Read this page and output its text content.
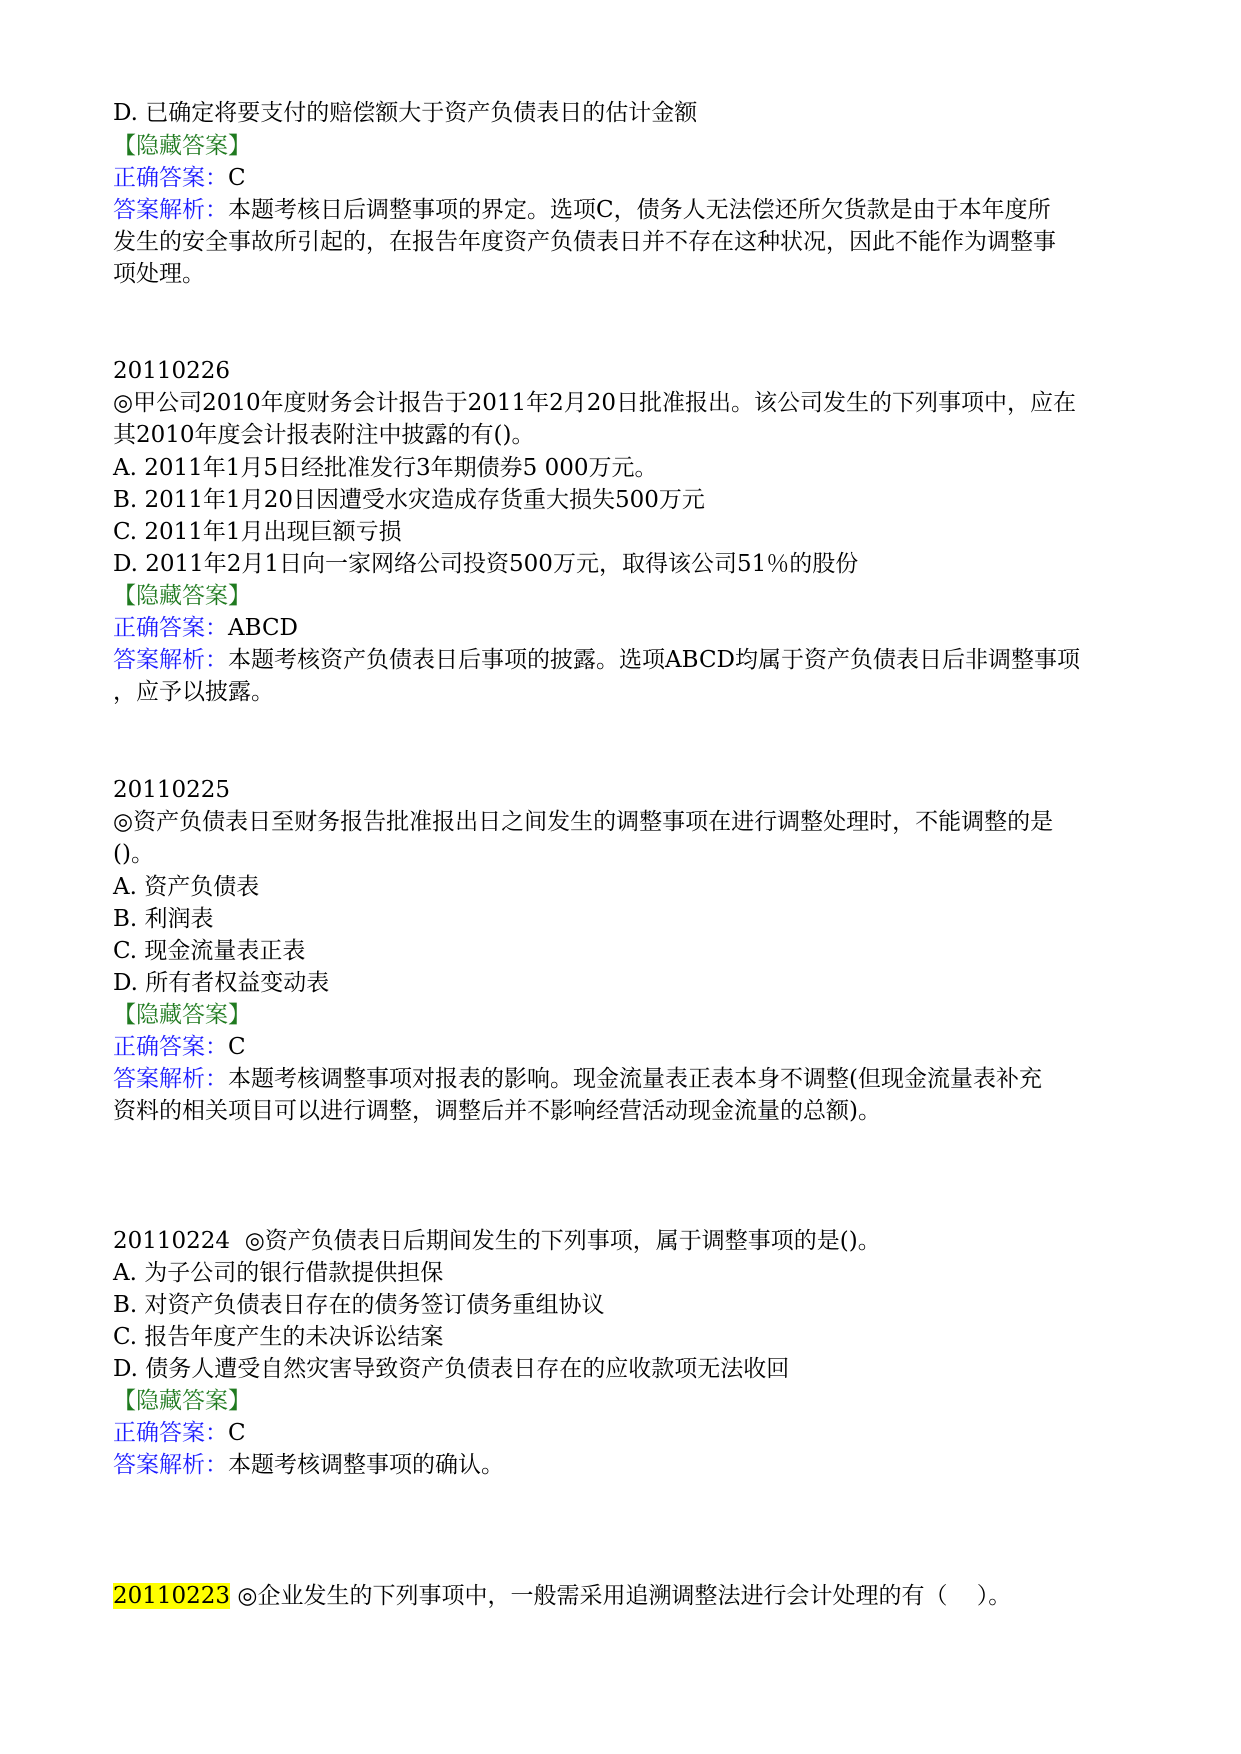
D. 已确定将要支付的赔偿额大于资产负债表日的估计金额
【隐藏答案】
正确答案：C
答案解析：本题考核日后调整事项的界定。选项C，债务人无法偿还所欠货款是由于本年度所
发生的安全事故所引起的，在报告年度资产负债表日并不存在这种状况，因此不能作为调整事
项处理。
20110226
◎甲公司2010年度财务会计报告于2011年2月20日批准报出。该公司发生的下列事项中，应在
其2010年度会计报表附注中披露的有()。
A. 2011年1月5日经批准发行3年期债券5 000万元。
B. 2011年1月20日因遭受水灾造成存货重大损失500万元
C. 2011年1月出现巨额亏损
D. 2011年2月1日向一家网络公司投资500万元，取得该公司51％的股份
【隐藏答案】
正确答案：ABCD
答案解析：本题考核资产负债表日后事项的披露。选项ABCD均属于资产负债表日后非调整事项
，应予以披露。
20110225
◎资产负债表日至财务报告批准报出日之间发生的调整事项在进行调整处理时，不能调整的是
()。
A. 资产负债表
B. 利润表
C. 现金流量表正表
D. 所有者权益变动表
【隐藏答案】
正确答案：C
答案解析：本题考核调整事项对报表的影响。现金流量表正表本身不调整(但现金流量表补充
资料的相关项目可以进行调整，调整后并不影响经营活动现金流量的总额)。
20110224  ◎资产负债表日后期间发生的下列事项，属于调整事项的是()。
A. 为子公司的银行借款提供担保
B. 对资产负债表日存在的债务签订债务重组协议
C. 报告年度产生的未决诉讼结案
D. 债务人遭受自然灾害导致资产负债表日存在的应收款项无法收回
【隐藏答案】
正确答案：C
答案解析：本题考核调整事项的确认。
20110223 ◎企业发生的下列事项中，一般需采用追溯调整法进行会计处理的有（    ）。
